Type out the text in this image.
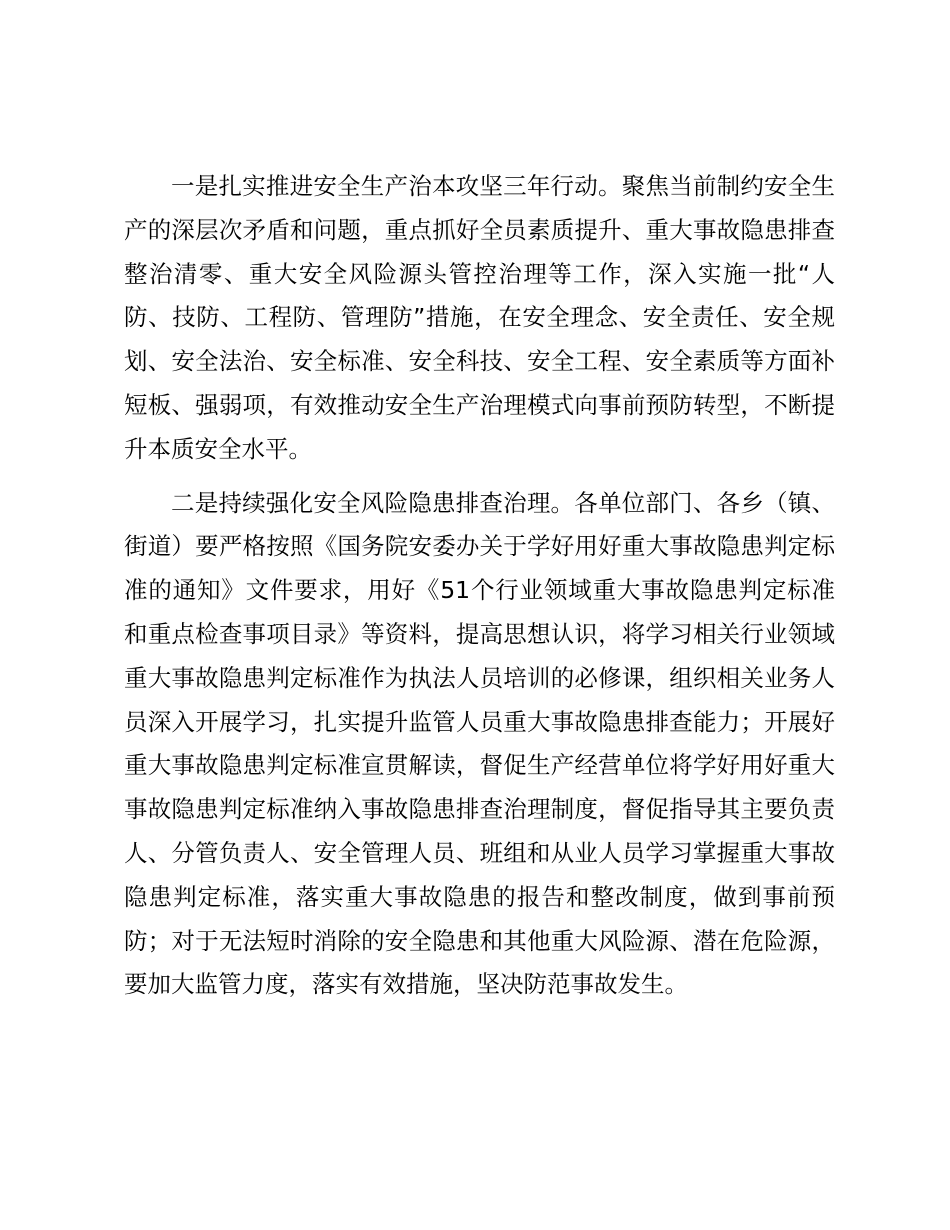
一是扎实推进安全生产治本攻坚三年行动。聚焦当前制约安全生产的深层次矛盾和问题，重点抓好全员素质提升、重大事故隐患排查整治清零、重大安全风险源头管控治理等工作，深入实施一批“人防、技防、工程防、管理防”措施，在安全理念、安全责任、安全规划、安全法治、安全标准、安全科技、安全工程、安全素质等方面补短板、强弱项，有效推动安全生产治理模式向事前预防转型，不断提升本质安全水平。

二是持续强化安全风险隐患排查治理。各单位部门、各乡（镇、街道）要严格按照《国务院安委办关于学好用好重大事故隐患判定标准的通知》文件要求，用好《51个行业领域重大事故隐患判定标准和重点检查事项目录》等资料，提高思想认识，将学习相关行业领域重大事故隐患判定标准作为执法人员培训的必修课，组织相关业务人员深入开展学习，扎实提升监管人员重大事故隐患排查能力；开展好重大事故隐患判定标准宣贯解读，督促生产经营单位将学好用好重大事故隐患判定标准纳入事故隐患排查治理制度，督促指导其主要负责人、分管负责人、安全管理人员、班组和从业人员学习掌握重大事故隐患判定标准，落实重大事故隐患的报告和整改制度，做到事前预防；对于无法短时消除的安全隐患和其他重大风险源、潜在危险源，要加大监管力度，落实有效措施，坚决防范事故发生。
